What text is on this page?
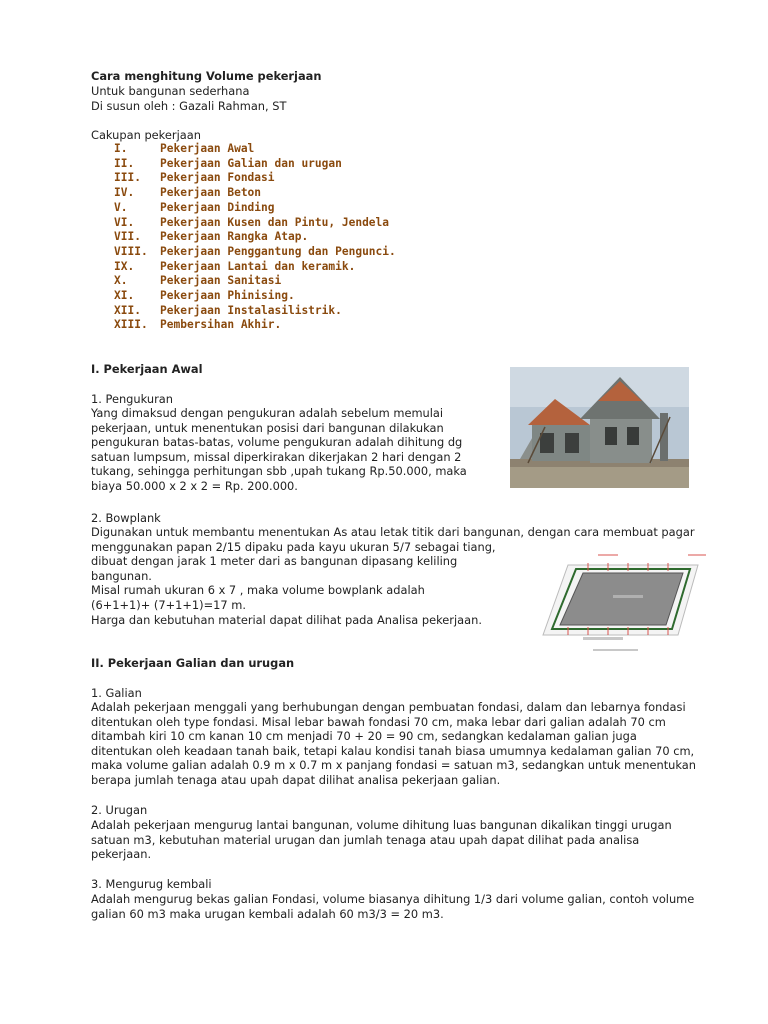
Cara menghitung Volume pekerjaan
Untuk bangunan sederhana
Di susun oleh : Gazali Rahman, ST
Cakupan pekerjaan
I.	Pekerjaan Awal
II. Pekerjaan Galian dan urugan
III. Pekerjaan Fondasi
IV. Pekerjaan Beton
V.	Pekerjaan Dinding
VI. Pekerjaan Kusen dan Pintu, Jendela
VII. Pekerjaan Rangka Atap.
VIII. Pekerjaan Penggantung dan Pengunci.
IX. Pekerjaan Lantai dan keramik.
X.	Pekerjaan Sanitasi
XI. Pekerjaan Phinising.
XII. Pekerjaan Instalasilistrik.
XIII. Pembersihan Akhir.
I. Pekerjaan Awal
1. Pengukuran
Yang dimaksud dengan pengukuran adalah sebelum memulai
pekerjaan, untuk menentukan posisi dari bangunan dilakukan
pengukuran batas-batas, volume pengukuran adalah dihitung dg
satuan lumpsum, missal diperkirakan dikerjakan 2 hari dengan 2
tukang, sehingga perhitungan sbb ,upah tukang Rp.50.000, maka
biaya 50.000 x 2 x 2 = Rp. 200.000.
2. Bowplank
Digunakan untuk membantu menentukan As atau letak titik dari bangunan, dengan cara membuat pagar
menggunakan papan 2/15 dipaku pada kayu ukuran 5/7 sebagai tiang,
dibuat dengan jarak 1 meter dari as bangunan dipasang keliling
bangunan.
Misal rumah ukuran 6 x 7 , maka volume bowplank adalah
(6+1+1)+ (7+1+1)=17 m.
Harga dan kebutuhan material dapat dilihat pada Analisa pekerjaan.
II. Pekerjaan Galian dan urugan
1. Galian
Adalah pekerjaan menggali yang berhubungan dengan pembuatan fondasi, dalam dan lebarnya fondasi
ditentukan oleh type fondasi. Misal lebar bawah fondasi 70 cm, maka lebar dari galian adalah 70 cm
ditambah kiri 10 cm kanan 10 cm menjadi 70 + 20 = 90 cm, sedangkan kedalaman galian juga
ditentukan oleh keadaan tanah baik, tetapi kalau kondisi tanah biasa umumnya kedalaman galian 70 cm,
maka volume galian adalah 0.9 m x 0.7 m x panjang fondasi = satuan m3, sedangkan untuk menentukan
berapa jumlah tenaga atau upah dapat dilihat analisa pekerjaan galian.
2. Urugan
Adalah pekerjaan mengurug lantai bangunan, volume dihitung luas bangunan dikalikan tinggi urugan
satuan m3, kebutuhan material urugan dan jumlah tenaga atau upah dapat dilihat pada analisa
pekerjaan.
3. Mengurug kembali
Adalah mengurug bekas galian Fondasi, volume biasanya dihitung 1/3 dari volume galian, contoh volume
galian 60 m3 maka urugan kembali adalah 60 m3/3 = 20 m3.
